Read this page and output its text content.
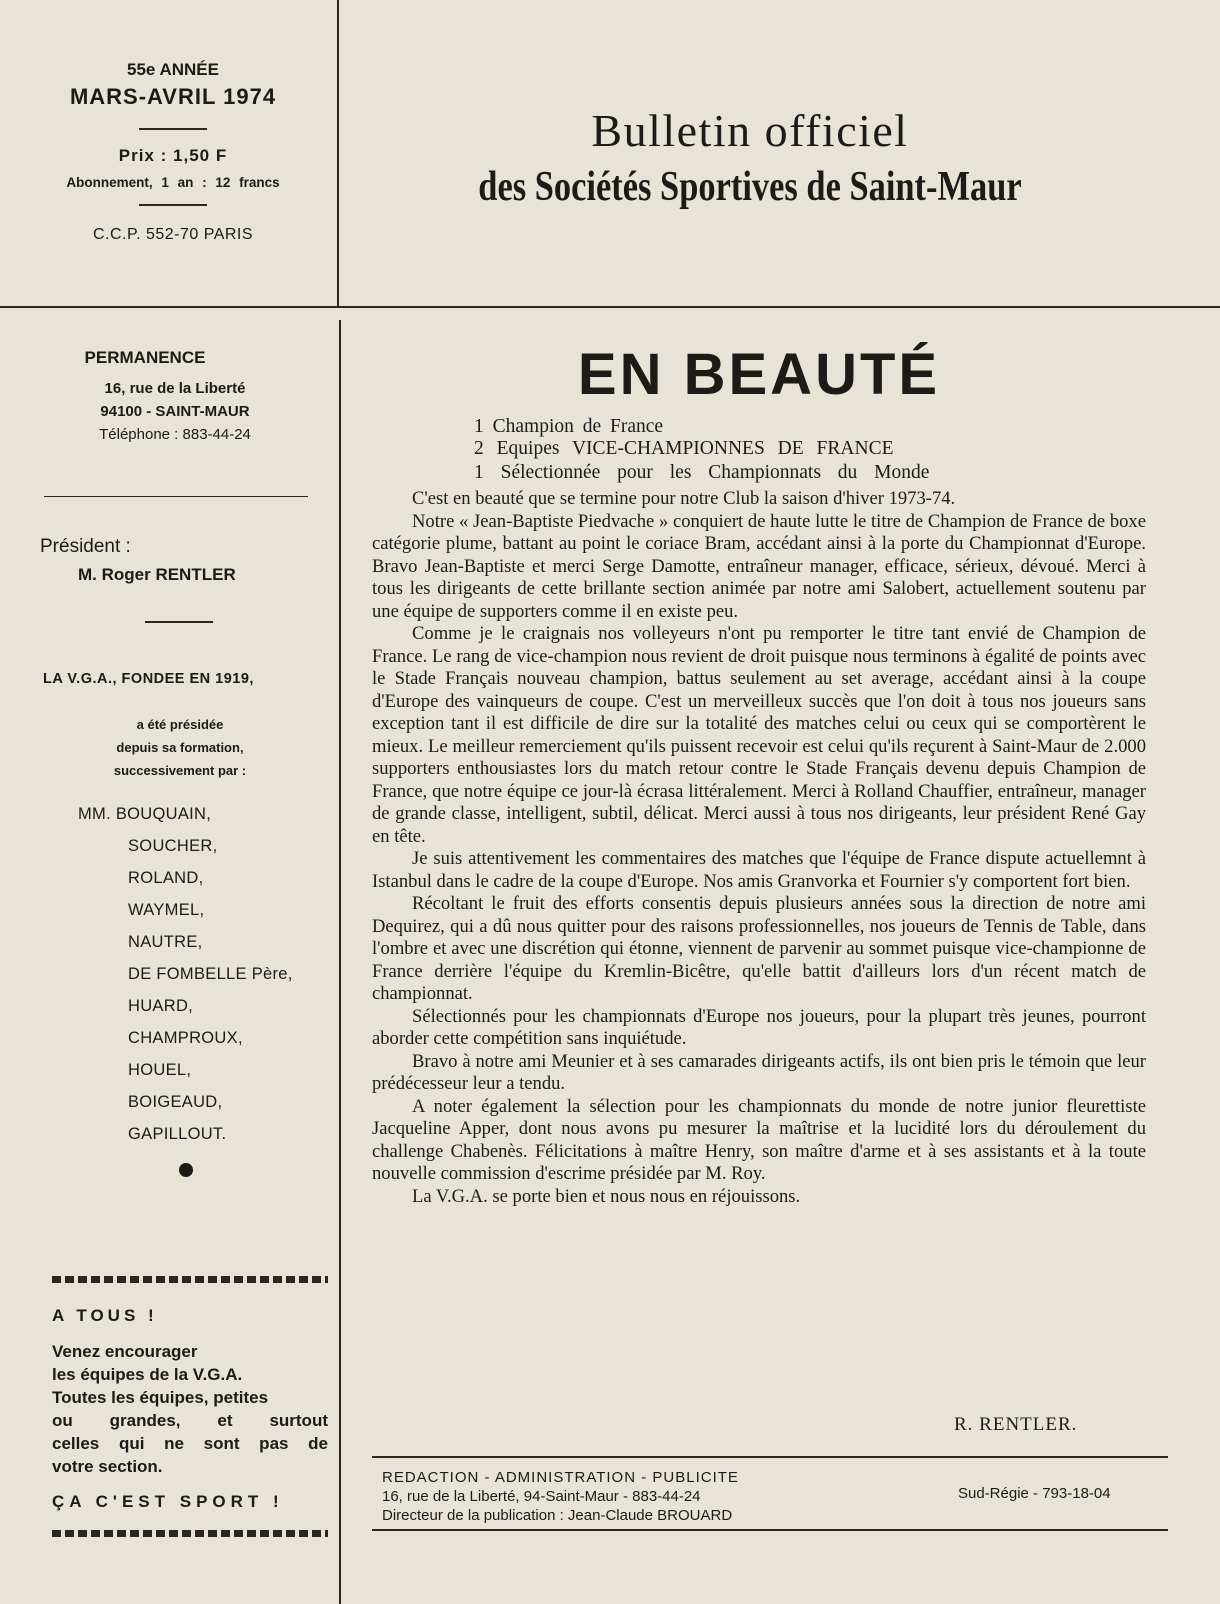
55e ANNÉE
MARS-AVRIL 1974
Prix : 1,50 F
Abonnement, 1 an : 12 francs
C.C.P. 552-70 PARIS
Bulletin officiel
des Sociétés Sportives de Saint-Maur
PERMANENCE
16, rue de la Liberté
94100 - SAINT-MAUR
Téléphone : 883-44-24
Président :
M. Roger RENTLER
LA V.G.A., FONDEE EN 1919,
a été présidée
depuis sa formation,
successivement par :
MM. BOUQUAIN,
SOUCHER,
ROLAND,
WAYMEL,
NAUTRE,
DE FOMBELLE Père,
HUARD,
CHAMPROUX,
HOUEL,
BOIGEAUD,
GAPILLOUT.
A TOUS !
Venez encourager
les équipes de la V.G.A.
Toutes les équipes, petites
ou grandes, et surtout
celles qui ne sont pas de
votre section.
ÇA C'EST SPORT !
EN BEAUTÉ
1 Champion de France
2 Equipes VICE-CHAMPIONNES DE FRANCE
1 Sélectionnée pour les Championnats du Monde

C'est en beauté que se termine pour notre Club la saison d'hiver 1973-74.

Notre « Jean-Baptiste Piedvache » conquiert de haute lutte le titre de Champion de France de boxe catégorie plume, battant au point le coriace Bram, accédant ainsi à la porte du Championnat d'Europe. Bravo Jean-Baptiste et merci Serge Damotte, entraîneur manager, efficace, sérieux, dévoué. Merci à tous les dirigeants de cette brillante section animée par notre ami Salobert, actuellement soutenu par une équipe de supporters comme il en existe peu.

Comme je le craignais nos volleyeurs n'ont pu remporter le titre tant envié de Champion de France. Le rang de vice-champion nous revient de droit puisque nous terminons à égalité de points avec le Stade Français nouveau champion, battus seulement au set average, accédant ainsi à la coupe d'Europe des vainqueurs de coupe. C'est un merveilleux succès que l'on doit à tous nos joueurs sans exception tant il est difficile de dire sur la totalité des matches celui ou ceux qui se comportèrent le mieux. Le meilleur remerciement qu'ils puissent recevoir est celui qu'ils reçurent à Saint-Maur de 2.000 supporters enthousiastes lors du match retour contre le Stade Français devenu depuis Champion de France, que notre équipe ce jour-là écrasa littéralement. Merci à Rolland Chauffier, entraîneur, manager de grande classe, intelligent, subtil, délicat. Merci aussi à tous nos dirigeants, leur président René Gay en tête.

Je suis attentivement les commentaires des matches que l'équipe de France dispute actuellemnt à Istanbul dans le cadre de la coupe d'Europe. Nos amis Granvorka et Fournier s'y comportent fort bien.

Récoltant le fruit des efforts consentis depuis plusieurs années sous la direction de notre ami Dequirez, qui a dû nous quitter pour des raisons professionnelles, nos joueurs de Tennis de Table, dans l'ombre et avec une discrétion qui étonne, viennent de parvenir au sommet puisque vice-championne de France derrière l'équipe du Kremlin-Bicêtre, qu'elle battit d'ailleurs lors d'un récent match de championnat.

Sélectionnés pour les championnats d'Europe nos joueurs, pour la plupart très jeunes, pourront aborder cette compétition sans inquiétude.

Bravo à notre ami Meunier et à ses camarades dirigeants actifs, ils ont bien pris le témoin que leur prédécesseur leur a tendu.

A noter également la sélection pour les championnats du monde de notre junior fleurettiste Jacqueline Apper, dont nous avons pu mesurer la maîtrise et la lucidité lors du déroulement du challenge Chabenès. Félicitations à maître Henry, son maître d'arme et à ses assistants et à la toute nouvelle commission d'escrime présidée par M. Roy.

La V.G.A. se porte bien et nous nous en réjouissons.

R. RENTLER.
REDACTION - ADMINISTRATION - PUBLICITE
16, rue de la Liberté, 94-Saint-Maur - 883-44-24
Directeur de la publication : Jean-Claude BROUARD
Sud-Régie - 793-18-04
